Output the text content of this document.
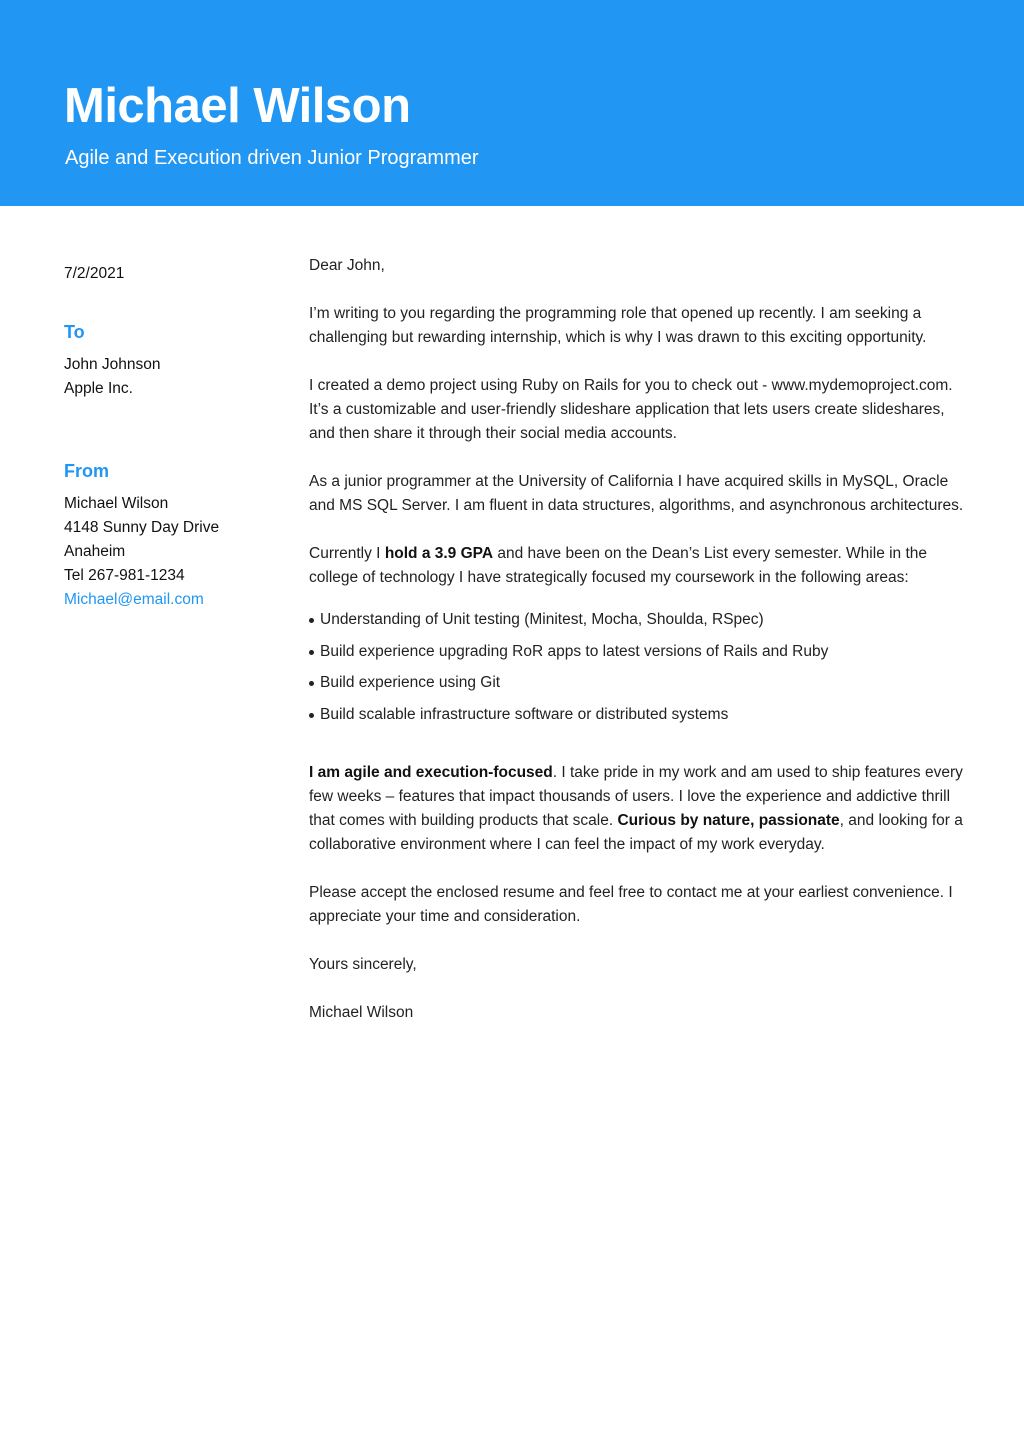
Michael Wilson
Agile and Execution driven Junior Programmer
7/2/2021
To
John Johnson
Apple Inc.
From
Michael Wilson
4148 Sunny Day Drive
Anaheim
Tel 267-981-1234
Michael@email.com

Dear John,

I’m writing to you regarding the programming role that opened up recently. I am seeking a challenging but rewarding internship, which is why I was drawn to this exciting opportunity.

I created a demo project using Ruby on Rails for you to check out - www.mydemoproject.com. It’s a customizable and user-friendly slideshare application that lets users create slideshares, and then share it through their social media accounts.

As a junior programmer at the University of California I have acquired skills in MySQL, Oracle and MS SQL Server. I am fluent in data structures, algorithms, and asynchronous architectures.

Currently I hold a 3.9 GPA and have been on the Dean’s List every semester. While in the college of technology I have strategically focused my coursework in the following areas:

Understanding of Unit testing (Minitest, Mocha, Shoulda, RSpec)
Build experience upgrading RoR apps to latest versions of Rails and Ruby
Build experience using Git
Build scalable infrastructure software or distributed systems

I am agile and execution-focused. I take pride in my work and am used to ship features every few weeks – features that impact thousands of users. I love the experience and addictive thrill that comes with building products that scale. Curious by nature, passionate, and looking for a collaborative environment where I can feel the impact of my work everyday.

Please accept the enclosed resume and feel free to contact me at your earliest convenience. I appreciate your time and consideration.

Yours sincerely,

Michael Wilson
